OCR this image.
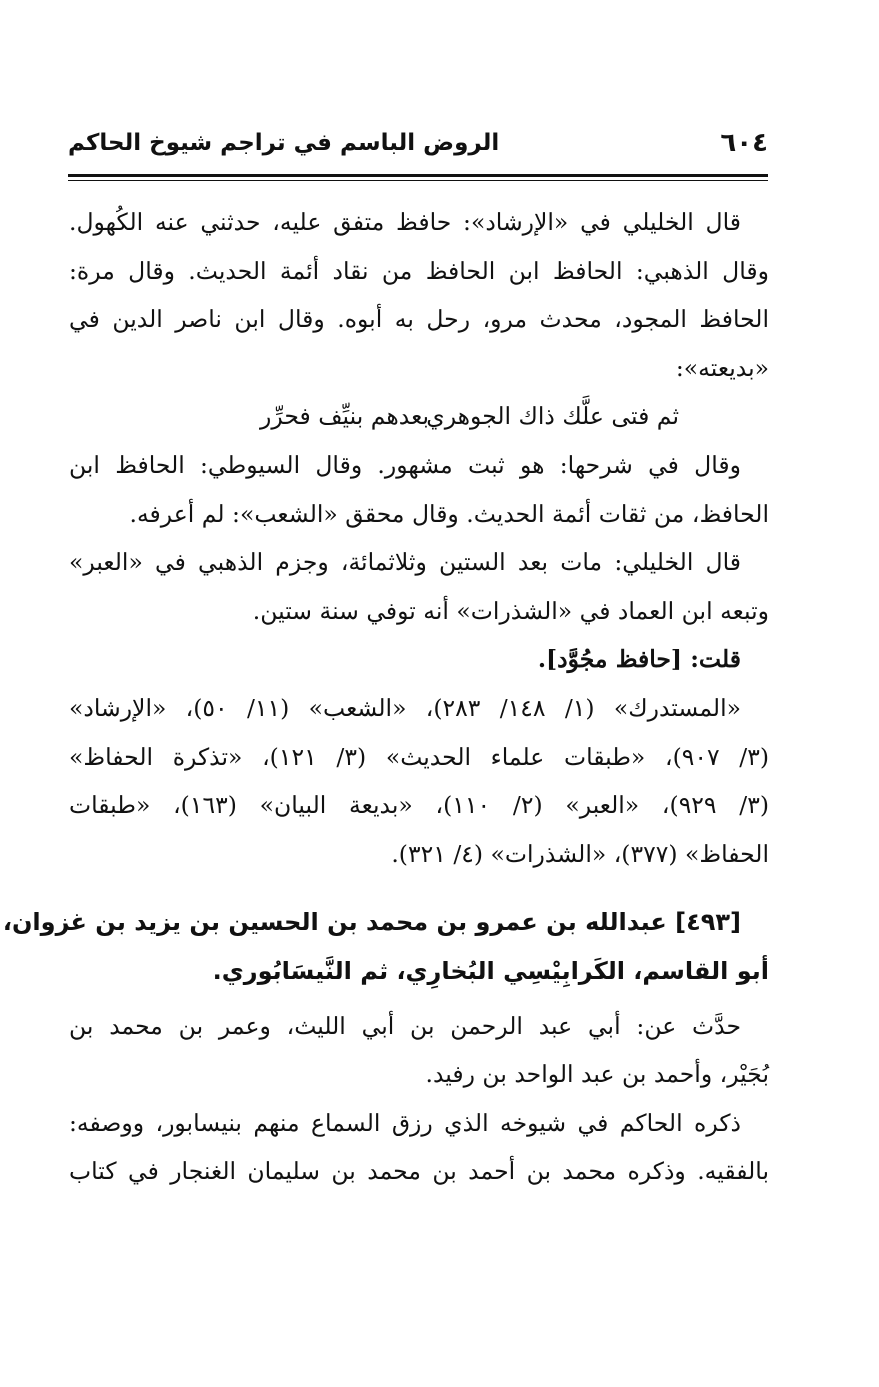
٦٠٤
الروض الباسم في تراجم شيوخ الحاكم
قال الخليلي في «الإرشاد»: حافظ متفق عليه، حدثني عنه الكُهول.
وقال الذهبي: الحافظ ابن الحافظ من نقاد أئمة الحديث. وقال مرة:
الحافظ المجود، محدث مرو، رحل به أبوه. وقال ابن ناصر الدين في
«بديعته»:
ثم فتى علَّك ذاك الجوهري
بعدهم بنيِّف فحرِّر
وقال في شرحها: هو ثبت مشهور. وقال السيوطي: الحافظ ابن
الحافظ، من ثقات أئمة الحديث. وقال محقق «الشعب»: لم أعرفه.
قال الخليلي: مات بعد الستين وثلاثمائة، وجزم الذهبي في «العبر»
وتبعه ابن العماد في «الشذرات» أنه توفي سنة ستين.
قلت: [حافظ مجُوَّد].
«المستدرك» (١/ ١٤٨/ ٢٨٣)، «الشعب» (١١/ ٥٠)، «الإرشاد»
(٣/ ٩٠٧)، «طبقات علماء الحديث» (٣/ ١٢١)، «تذكرة الحفاظ»
(٣/ ٩٢٩)، «العبر» (٢/ ١١٠)، «بديعة البيان» (١٦٣)، «طبقات
الحفاظ» (٣٧٧)، «الشذرات» (٤/ ٣٢١).
[٤٩٣] عبدالله بن عمرو بن محمد بن الحسين بن يزيد بن غزوان،
أبو القاسم، الكَرابِيْسِي البُخارِي، ثم النَّيسَابُوري.
حدَّث عن: أبي عبد الرحمن بن أبي الليث، وعمر بن محمد بن
بُجَيْر، وأحمد بن عبد الواحد بن رفيد.
ذكره الحاكم في شيوخه الذي رزق السماع منهم بنيسابور، ووصفه:
بالفقيه. وذكره محمد بن أحمد بن محمد بن سليمان الغنجار في كتاب
